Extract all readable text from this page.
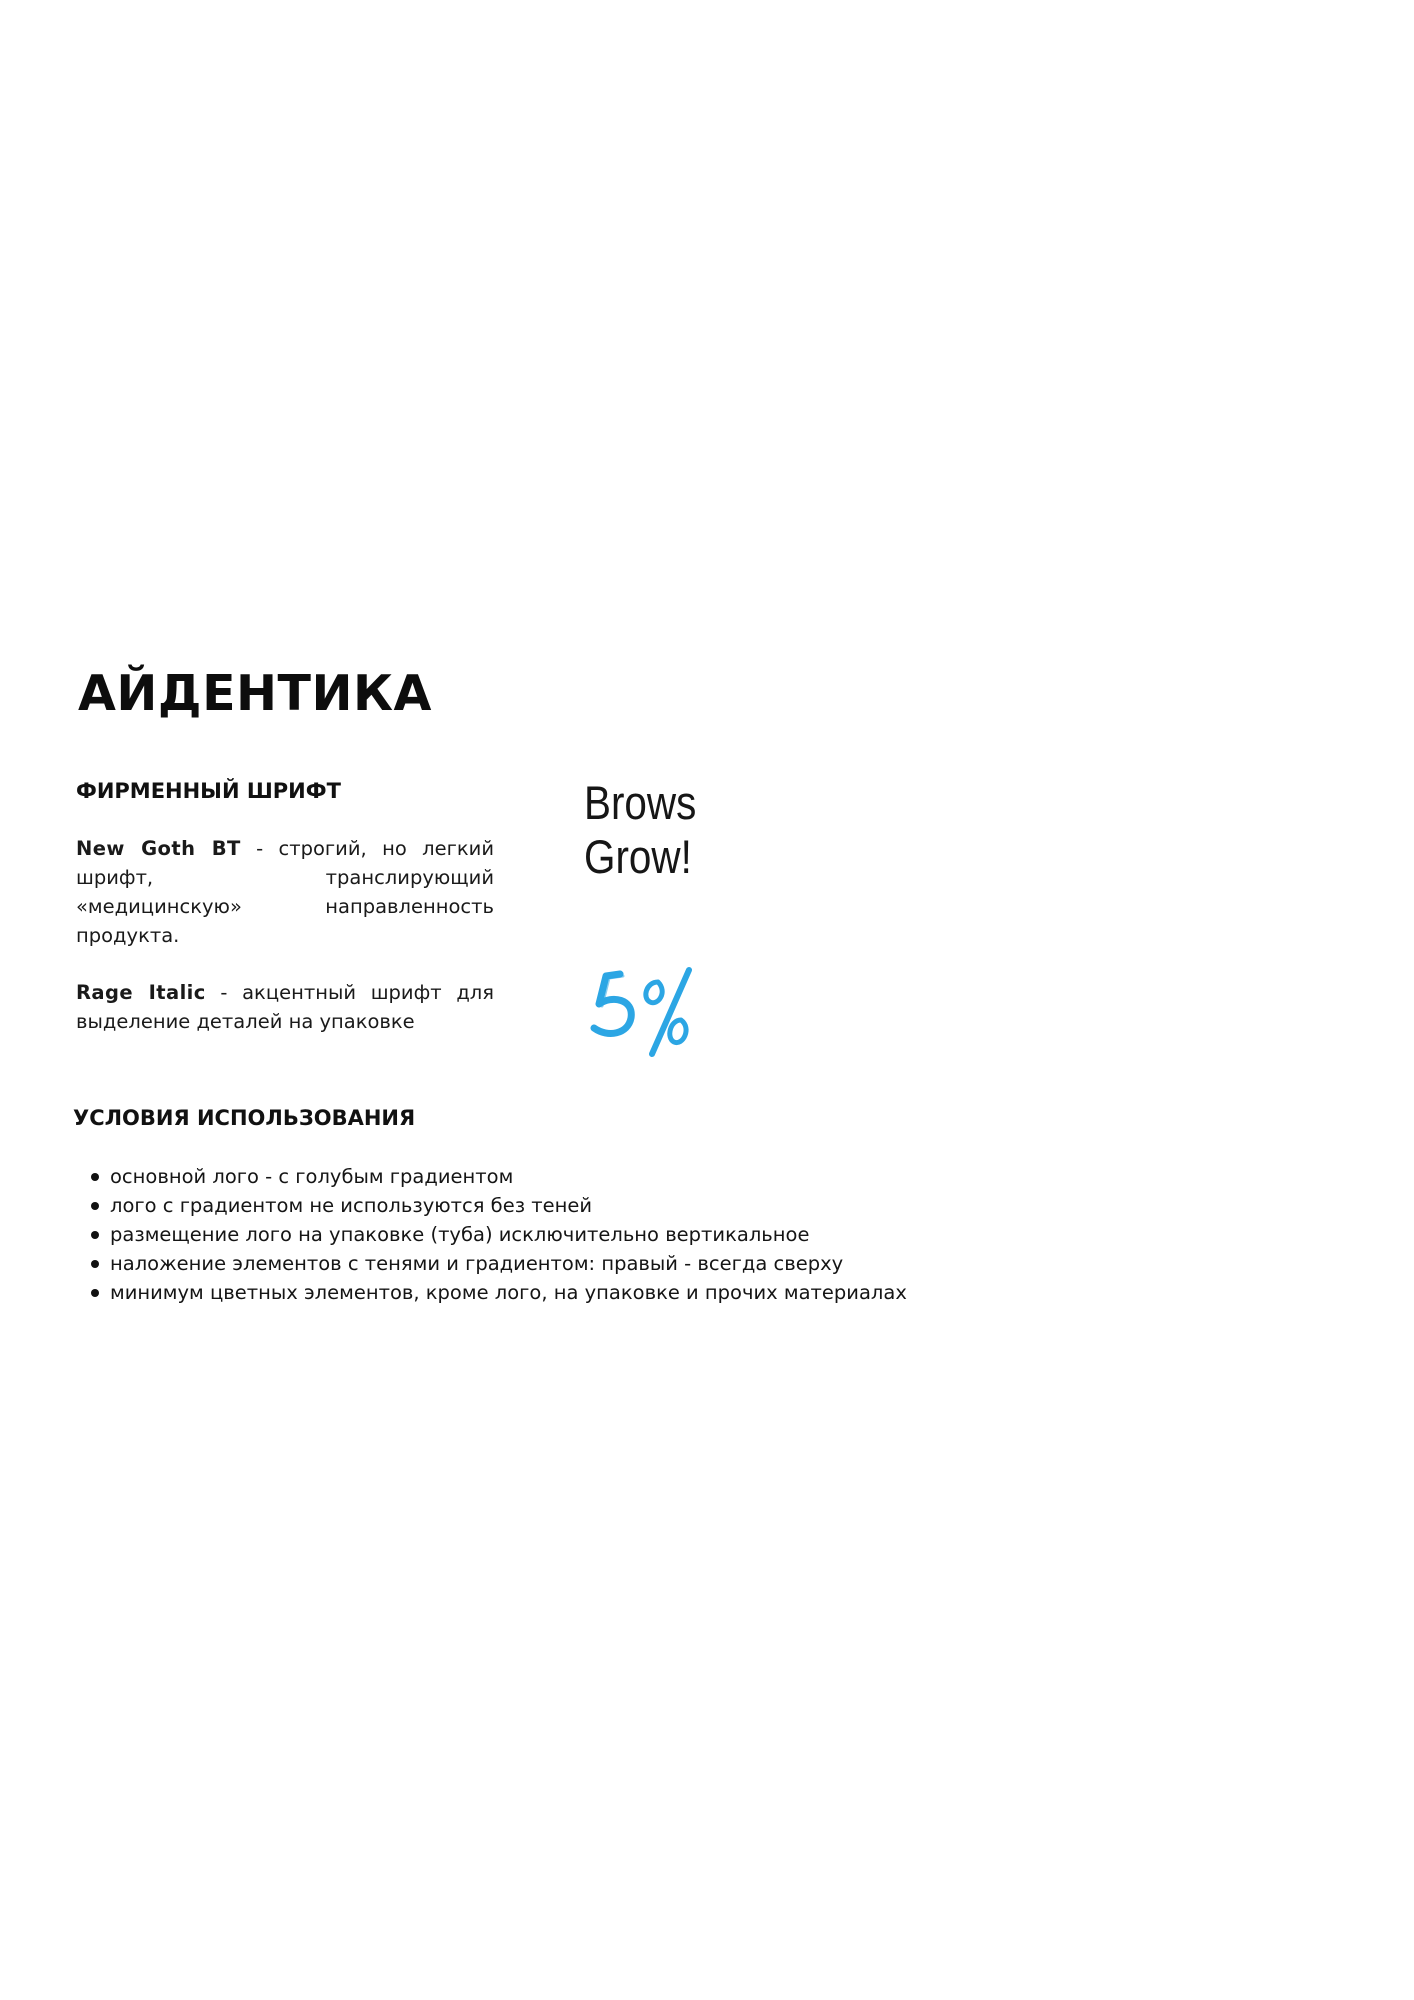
АЙДЕНТИКА
ФИРМЕННЫЙ ШРИФТ

New Goth BT - строгий, но легкий шрифт, транслирующий «медицинскую» направленность продукта.

Rage Italic - акцентный шрифт для выделение деталей на упаковке

Brows
Grow!
УСЛОВИЯ ИСПОЛЬЗОВАНИЯ
основной лого - с голубым градиентом
лого с градиентом не используются без теней
размещение лого на упаковке (туба) исключительно вертикальное
наложение элементов с тенями и градиентом: правый - всегда сверху
минимум цветных элементов, кроме лого, на упаковке и прочих материалах
